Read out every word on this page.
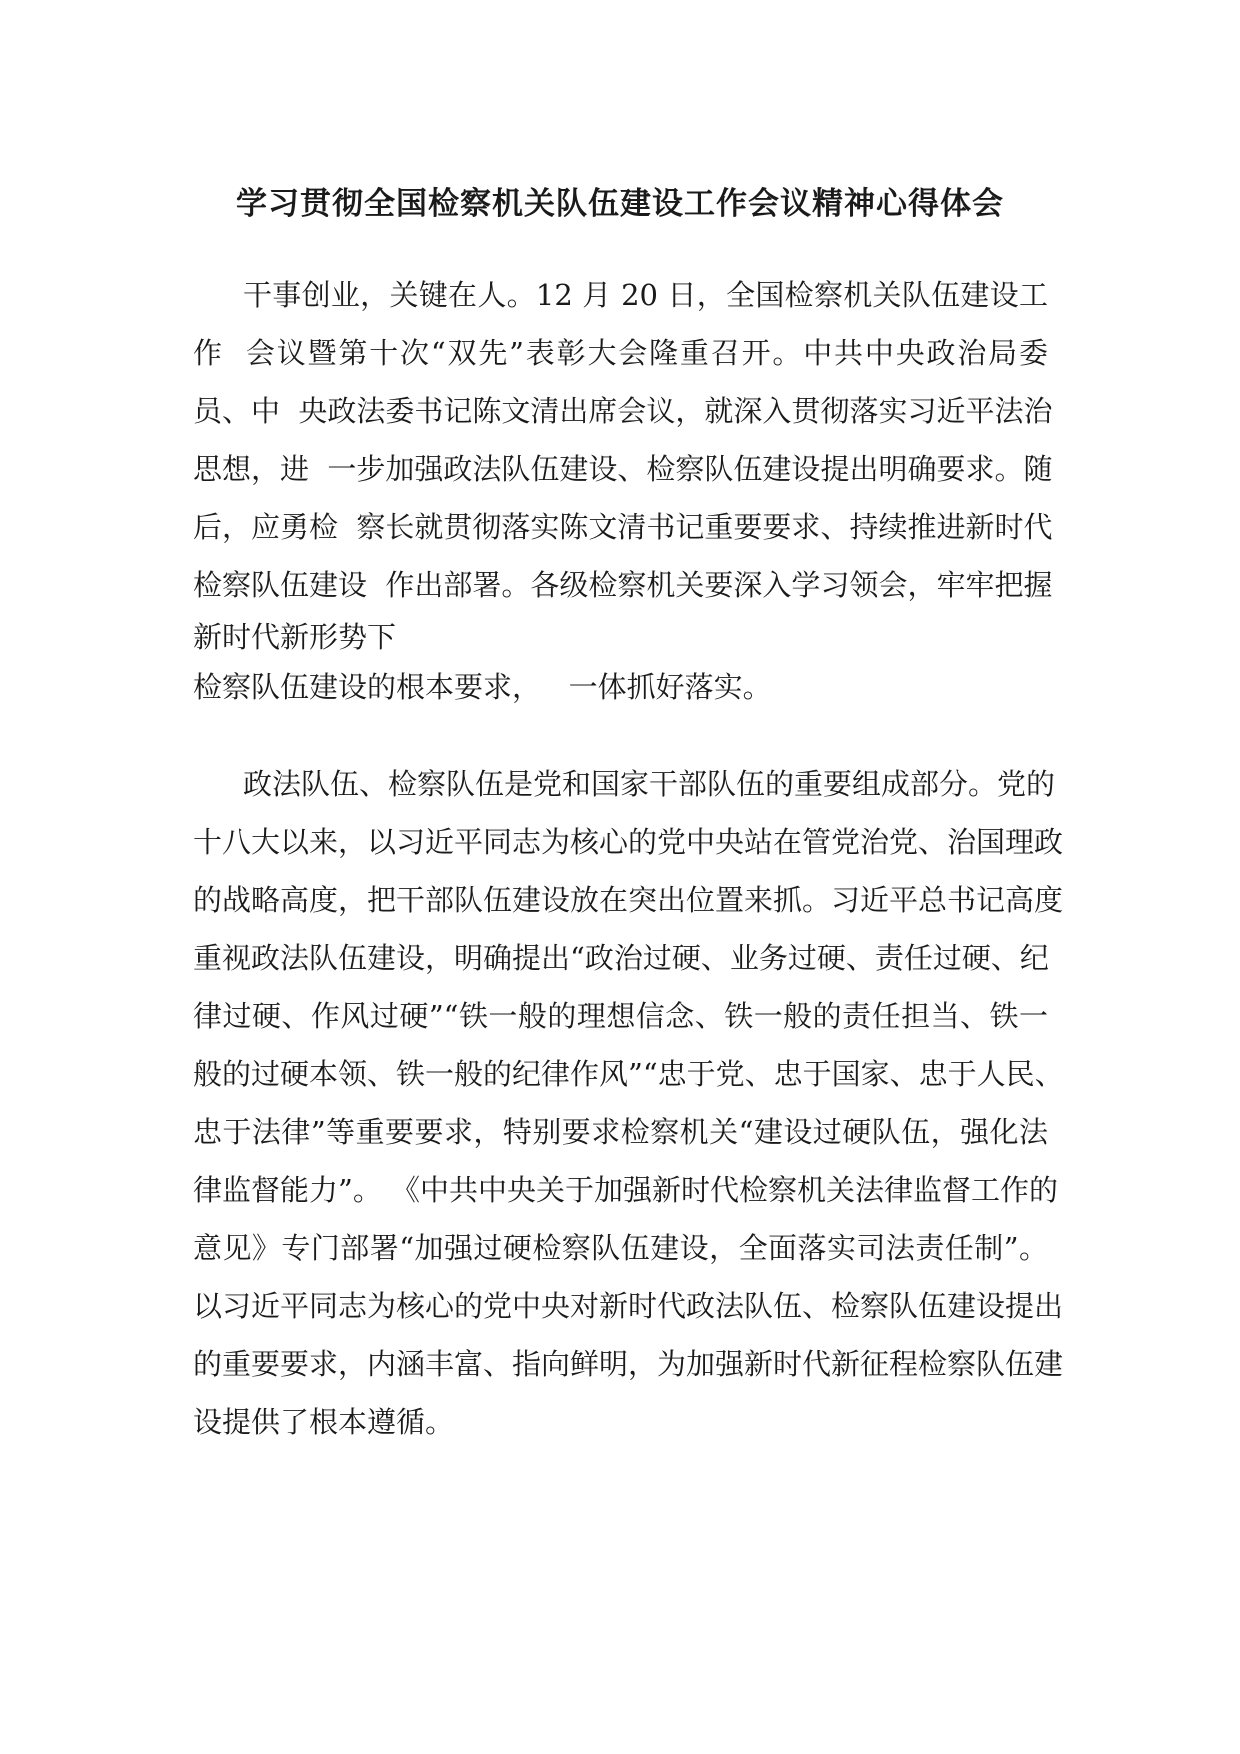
学习贯彻全国检察机关队伍建设工作会议精神心得体会

干事创业，关键在人。12 月 20 日，全国检察机关队伍建设工

作  会议暨第十次“双先”表彰大会隆重召开。中共中央政治局委

员、中  央政法委书记陈文清出席会议，就深入贯彻落实习近平法治

思想，进  一步加强政法队伍建设、检察队伍建设提出明确要求。随

后，应勇检  察长就贯彻落实陈文清书记重要要求、持续推进新时代

检察队伍建设  作出部署。各级检察机关要深入学习领会，牢牢把握

新时代新形势下

检察队伍建设的根本要求，   一体抓好落实。

政法队伍、检察队伍是党和国家干部队伍的重要组成部分。党的

十八大以来，以习近平同志为核心的党中央站在管党治党、治国理政

的战略高度，把干部队伍建设放在突出位置来抓。习近平总书记高度

重视政法队伍建设，明确提出“政治过硬、业务过硬、责任过硬、纪

律过硬、作风过硬”“铁一般的理想信念、铁一般的责任担当、铁一

般的过硬本领、铁一般的纪律作风”“忠于党、忠于国家、忠于人民、

忠于法律”等重要要求，特别要求检察机关“建设过硬队伍，强化法

律监督能力”。 《中共中央关于加强新时代检察机关法律监督工作的

意见》专门部署“加强过硬检察队伍建设，全面落实司法责任制”。

以习近平同志为核心的党中央对新时代政法队伍、检察队伍建设提出

的重要要求，内涵丰富、指向鲜明，为加强新时代新征程检察队伍建

设提供了根本遵循。
